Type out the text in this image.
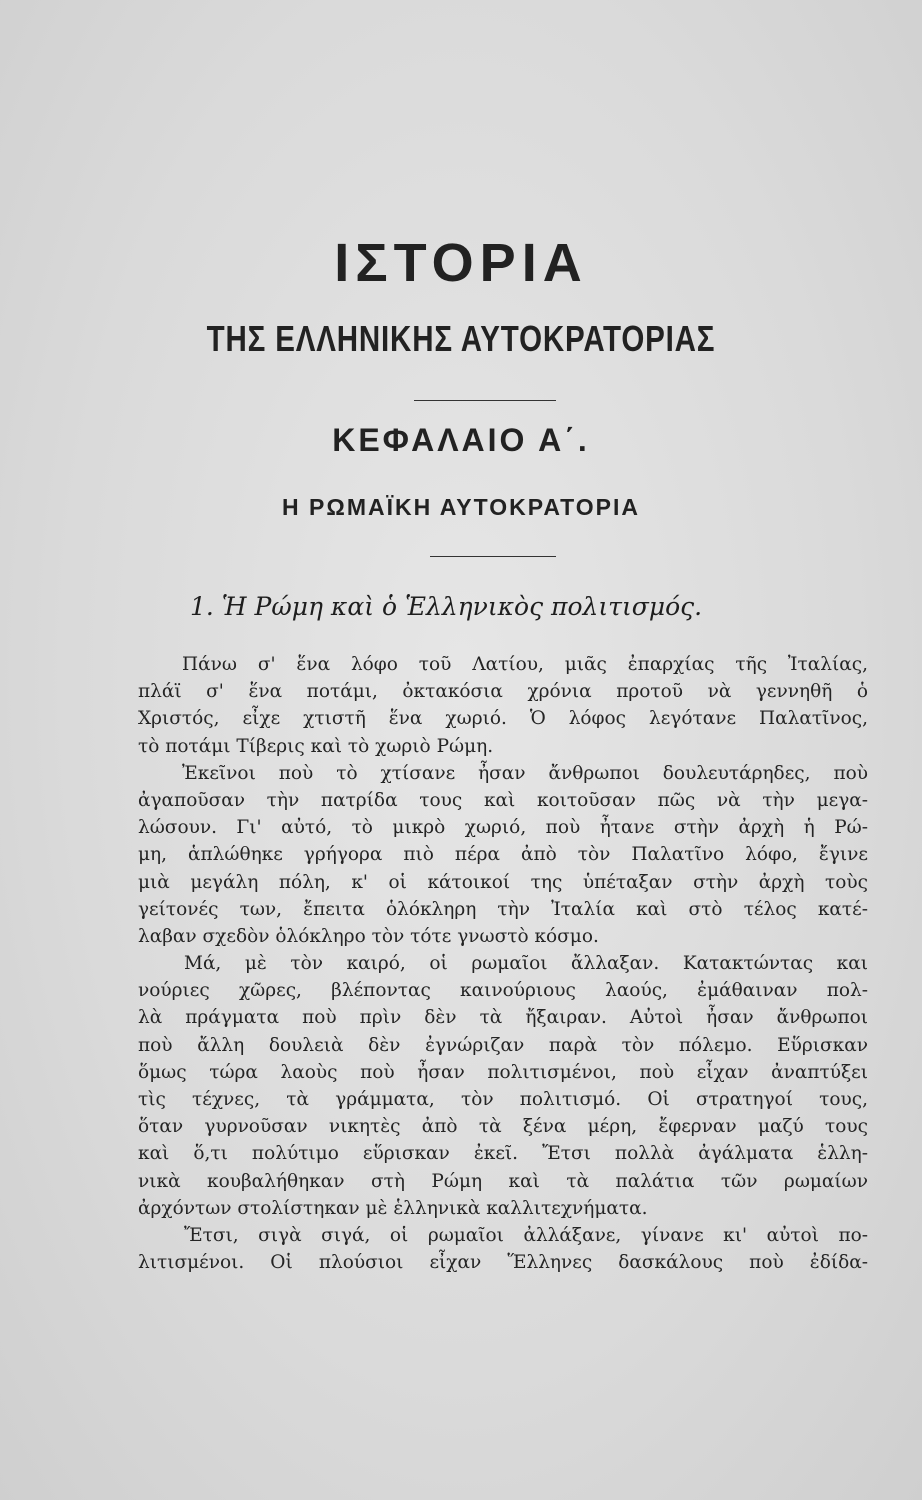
ΙΣΤΟΡΙΑ
ΤΗΣ ΕΛΛΗΝΙΚΗΣ ΑΥΤΟΚΡΑΤΟΡΙΑΣ
ΚΕΦΑΛΑΙΟ Α΄.
Η ΡΩΜΑΪΚΗ ΑΥΤΟΚΡΑΤΟΡΙΑ

1. Ἡ Ρώμη καὶ ὁ Ἑλληνικὸς πολιτισμός.

Πάνω σ' ἕνα λόφο τοῦ Λατίου, μιᾶς ἐπαρχίας τῆς Ἰταλίας,
πλάϊ σ' ἕνα ποτάμι, ὀκτακόσια χρόνια προτοῦ νὰ γεννηθῆ ὁ
Χριστός, εἶχε χτιστῆ ἕνα χωριό. Ὁ λόφος λεγότανε Παλατῖνος,
τὸ ποτάμι Τίβερις καὶ τὸ χωριὸ Ρώμη.
Ἐκεῖνοι ποὺ τὸ χτίσανε ἦσαν ἄνθρωποι δουλευτάρηδες, ποὺ
ἀγαποῦσαν τὴν πατρίδα τους καὶ κοιτοῦσαν πῶς νὰ τὴν μεγα-
λώσουν. Γι' αὐτό, τὸ μικρὸ χωριό, ποὺ ἦτανε στὴν ἀρχὴ ἡ Ρώ-
μη, ἁπλώθηκε γρήγορα πιὸ πέρα ἀπὸ τὸν Παλατῖνο λόφο, ἔγινε
μιὰ μεγάλη πόλη, κ' οἱ κάτοικοί της ὑπέταξαν στὴν ἀρχὴ τοὺς
γείτονές των, ἔπειτα ὁλόκληρη τὴν Ἰταλία καὶ στὸ τέλος κατέ-
λαβαν σχεδὸν ὁλόκληρο τὸν τότε γνωστὸ κόσμο.
Μά, μὲ τὸν καιρό, οἱ ρωμαῖοι ἄλλαξαν. Κατακτώντας και
νούριες χῶρες, βλέποντας καινούριους λαούς, ἐμάθαιναν πολ-
λὰ πράγματα ποὺ πρὶν δὲν τὰ ἤξαιραν. Αὐτοὶ ἦσαν ἄνθρωποι
ποὺ ἄλλη δουλειὰ δὲν ἐγνώριζαν παρὰ τὸν πόλεμο. Εὕρισκαν
ὅμως τώρα λαοὺς ποὺ ἦσαν πολιτισμένοι, ποὺ εἶχαν ἀναπτύξει
τὶς τέχνες, τὰ γράμματα, τὸν πολιτισμό. Οἱ στρατηγοί τους,
ὅταν γυρνοῦσαν νικητὲς ἀπὸ τὰ ξένα μέρη, ἔφερναν μαζύ τους
καὶ ὅ,τι πολύτιμο εὕρισκαν ἐκεῖ. Ἔτσι πολλὰ ἀγάλματα ἑλλη-
νικὰ κουβαλήθηκαν στὴ Ρώμη καὶ τὰ παλάτια τῶν ρωμαίων
ἀρχόντων στολίστηκαν μὲ ἑλληνικὰ καλλιτεχνήματα.
Ἔτσι, σιγὰ σιγά, οἱ ρωμαῖοι ἀλλάξανε, γίνανε κι' αὐτοὶ πο-
λιτισμένοι. Οἱ πλούσιοι εἶχαν Ἕλληνες δασκάλους ποὺ ἐδίδα-
